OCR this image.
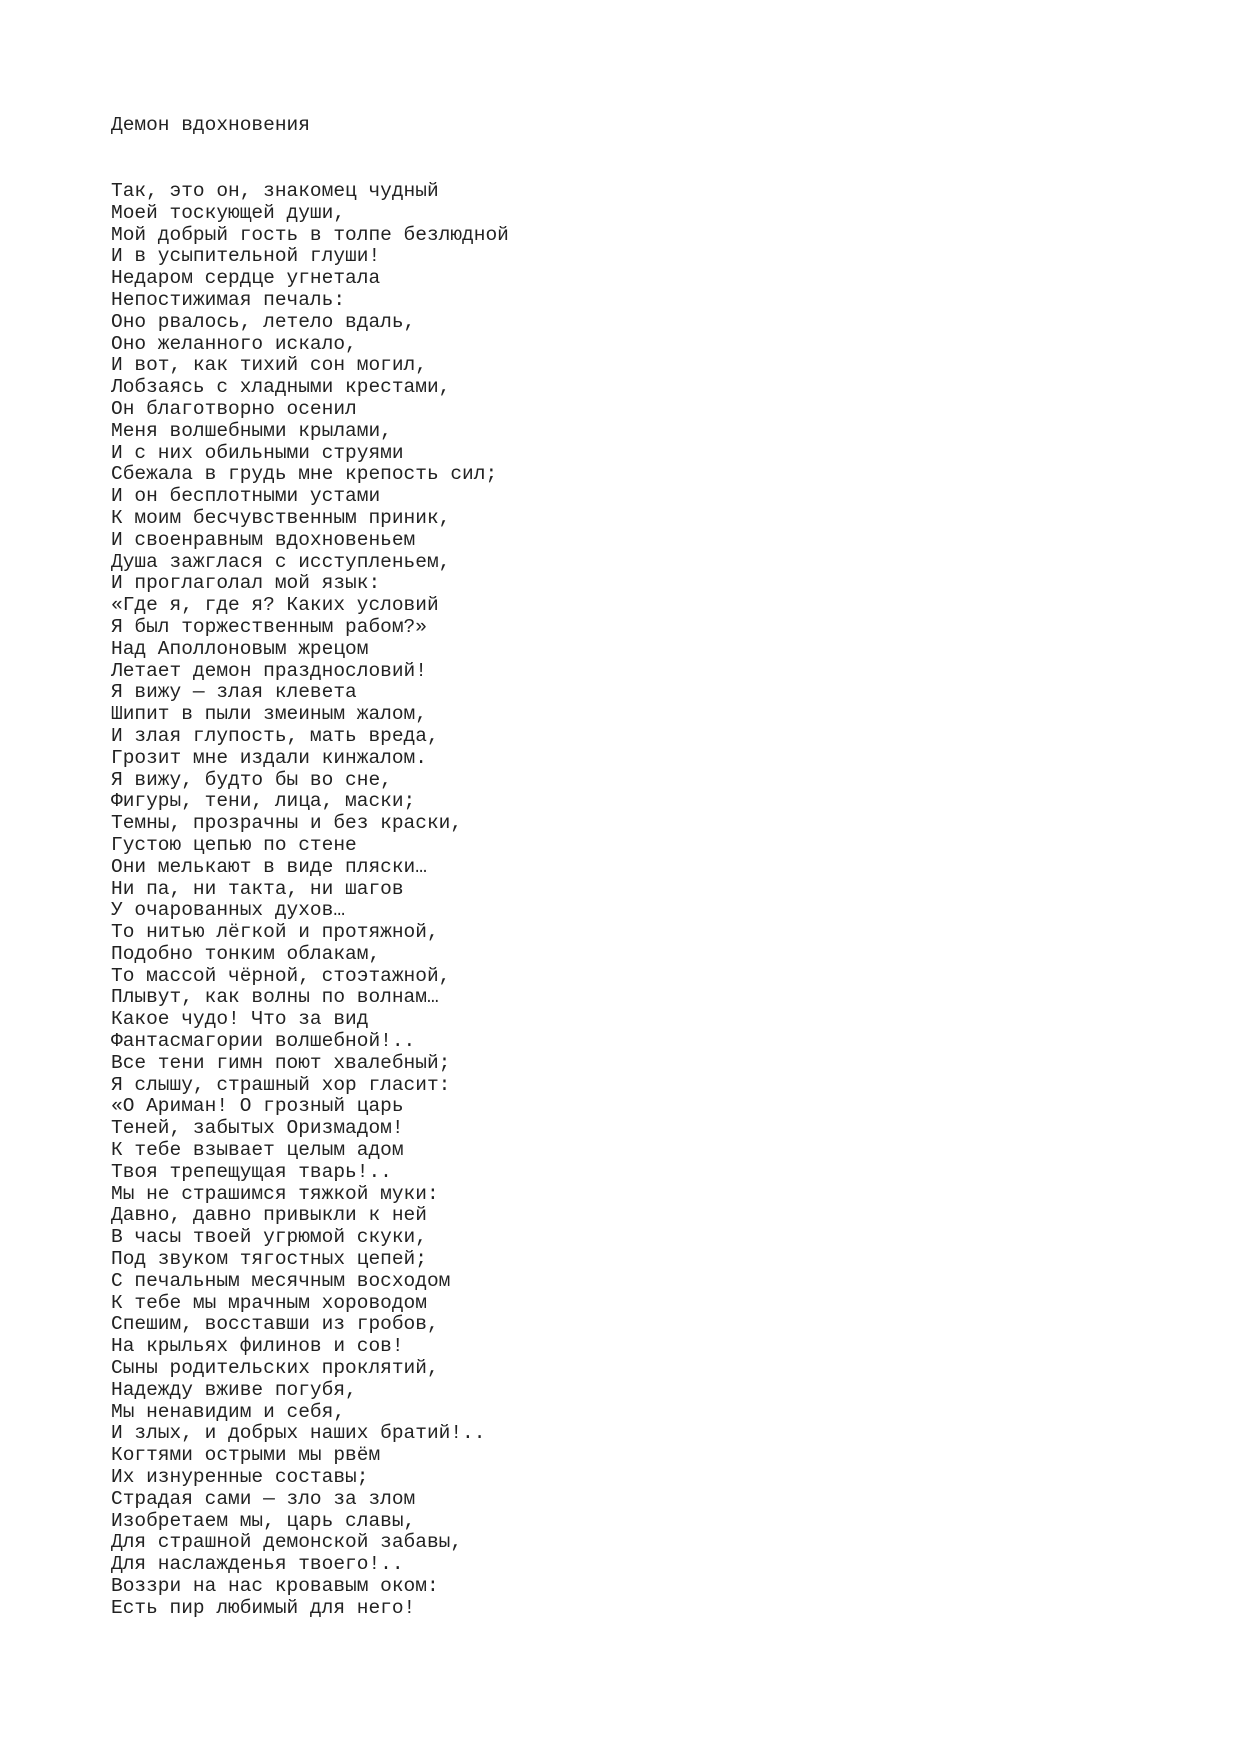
Демон вдохновения
Так, это он, знакомец чудный
Моей тоскующей души,
Мой добрый гость в толпе безлюдной
И в усыпительной глуши!
Недаром сердце угнетала
Непостижимая печаль:
Оно рвалось, летело вдаль,
Оно желанного искало,
И вот, как тихий сон могил,
Лобзаясь с хладными крестами,
Он благотворно осенил
Меня волшебными крылами,
И с них обильными струями
Сбежала в грудь мне крепость сил;
И он бесплотными устами
К моим бесчувственным приник,
И своенравным вдохновеньем
Душа зажглася с исступленьем,
И проглаголал мой язык:
«Где я, где я? Каких условий
Я был торжественным рабом?»
Над Аполлоновым жрецом
Летает демон празднословий!
Я вижу — злая клевета
Шипит в пыли змеиным жалом,
И злая глупость, мать вреда,
Грозит мне издали кинжалом.
Я вижу, будто бы во сне,
Фигуры, тени, лица, маски;
Темны, прозрачны и без краски,
Густою цепью по стене
Они мелькают в виде пляски…
Ни па, ни такта, ни шагов
У очарованных духов…
То нитью лёгкой и протяжной,
Подобно тонким облакам,
То массой чёрной, стоэтажной,
Плывут, как волны по волнам…
Какое чудо! Что за вид
Фантасмагории волшебной!..
Все тени гимн поют хвалебный;
Я слышу, страшный хор гласит:
«О Ариман! О грозный царь
Теней, забытых Оризмадом!
К тебе взывает целым адом
Твоя трепещущая тварь!..
Мы не страшимся тяжкой муки:
Давно, давно привыкли к ней
В часы твоей угрюмой скуки,
Под звуком тягостных цепей;
С печальным месячным восходом
К тебе мы мрачным хороводом
Спешим, восставши из гробов,
На крыльях филинов и сов!
Сыны родительских проклятий,
Надежду вживе погубя,
Мы ненавидим и себя,
И злых, и добрых наших братий!..
Когтями острыми мы рвём
Их изнуренные составы;
Страдая сами — зло за злом
Изобретаем мы, царь славы,
Для страшной демонской забавы,
Для наслажденья твоего!..
Воззри на нас кровавым оком:
Есть пир любимый для него!
